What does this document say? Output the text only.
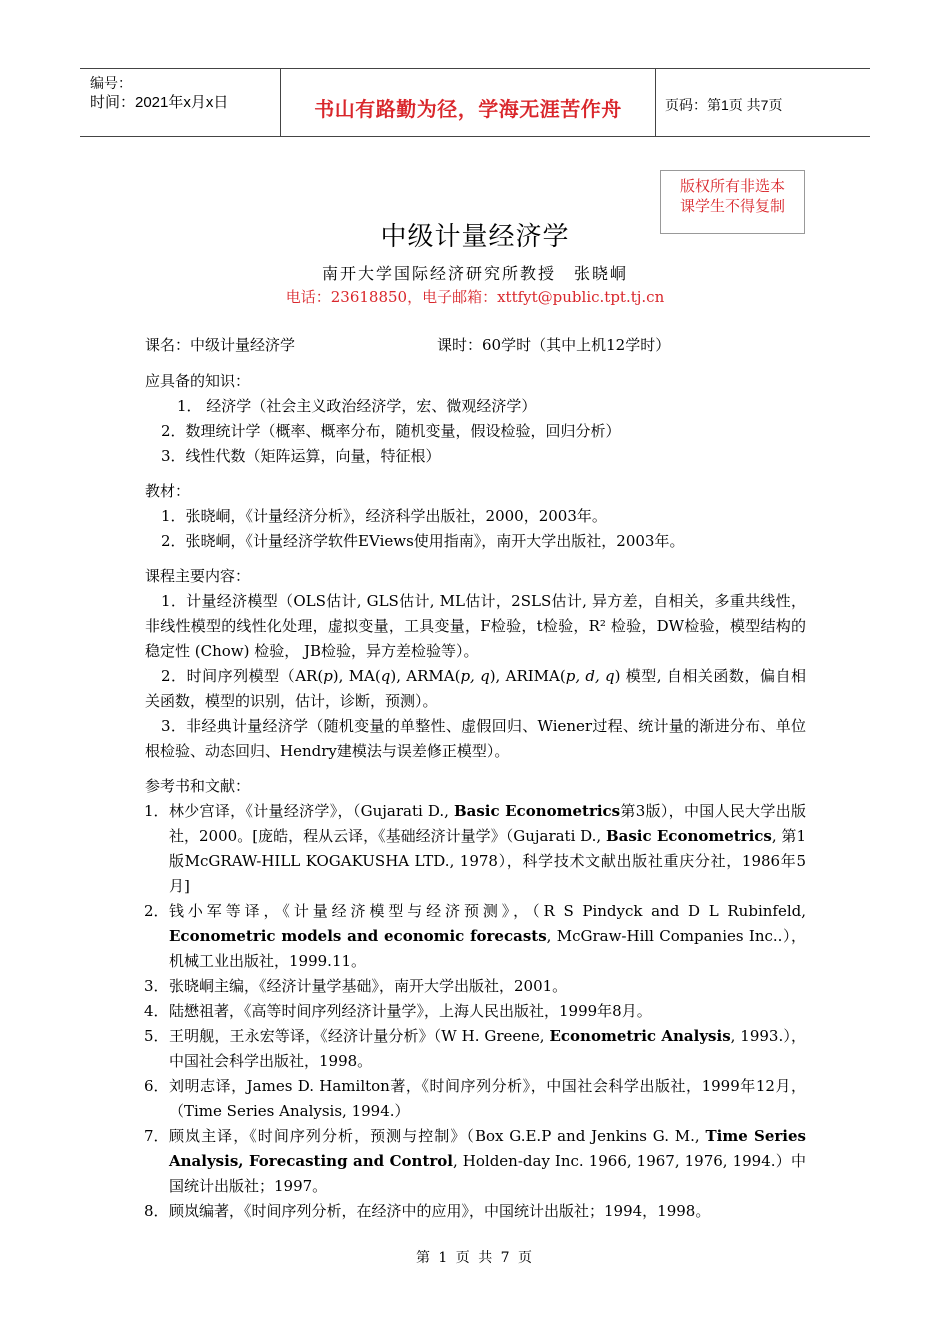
编号：
时间：2021年x月x日	书山有路勤为径，学海无涯苦作舟	页码：第1页 共7页
版权所有非选本
课学生不得复制
中级计量经济学
南开大学国际经济研究所教授　张晓峒
电话：23618850，电子邮箱：xttfyt@public.tpt.tj.cn
课名：中级计量经济学	课时：60学时（其中上机12学时）
应具备的知识：
1． 经济学（社会主义政治经济学，宏、微观经济学）
2．数理统计学（概率、概率分布，随机变量，假设检验，回归分析）
3．线性代数（矩阵运算，向量，特征根）
教材：
1．张晓峒，《计量经济分析》，经济科学出版社，2000，2003年。
2．张晓峒，《计量经济学软件EViews使用指南》，南开大学出版社，2003年。
课程主要内容：
1．计量经济模型（OLS估计, GLS估计, ML估计，2SLS估计, 异方差，自相关，多重共线性，非线性模型的线性化处理，虚拟变量，工具变量，F检验，t检验，R² 检验，DW检验，模型结构的稳定性 (Chow) 检验， JB检验，异方差检验等）。
2．时间序列模型（AR(p), MA(q), ARMA(p, q), ARIMA(p, d, q) 模型, 自相关函数，偏自相关函数，模型的识别，估计，诊断，预测）。
3．非经典计量经济学（随机变量的单整性、虚假回归、Wiener过程、统计量的渐进分布、单位根检验、动态回归、Hendry建模法与误差修正模型）。
参考书和文献：
1． 林少宫译，《计量经济学》，（Gujarati D., Basic Econometrics第3版），中国人民大学出版社，2000。[庞皓，程从云译，《基础经济计量学》（Gujarati D., Basic Econometrics, 第1版McGRAW-HILL KOGAKUSHA LTD., 1978），科学技术文献出版社重庆分社，1986年5月]
2． 钱小军等译，《计量经济模型与经济预测》，（R S Pindyck and D L Rubinfeld, Econometric models and economic forecasts, McGraw-Hill Companies Inc..），机械工业出版社，1999.11。
3． 张晓峒主编，《经济计量学基础》，南开大学出版社，2001。
4． 陆懋祖著，《高等时间序列经济计量学》，上海人民出版社，1999年8月。
5． 王明舰，王永宏等译，《经济计量分析》（W H. Greene, Econometric Analysis, 1993.），中国社会科学出版社，1998。
6． 刘明志译，James D. Hamilton著，《时间序列分析》，中国社会科学出版社，1999年12月，（Time Series Analysis, 1994.）
7． 顾岚主译，《时间序列分析，预测与控制》（Box G.E.P and Jenkins G. M., Time Series Analysis, Forecasting and Control, Holden-day Inc. 1966, 1967, 1976, 1994.）中国统计出版社；1997。
8． 顾岚编著，《时间序列分析，在经济中的应用》，中国统计出版社；1994，1998。
第 1 页 共 7 页
